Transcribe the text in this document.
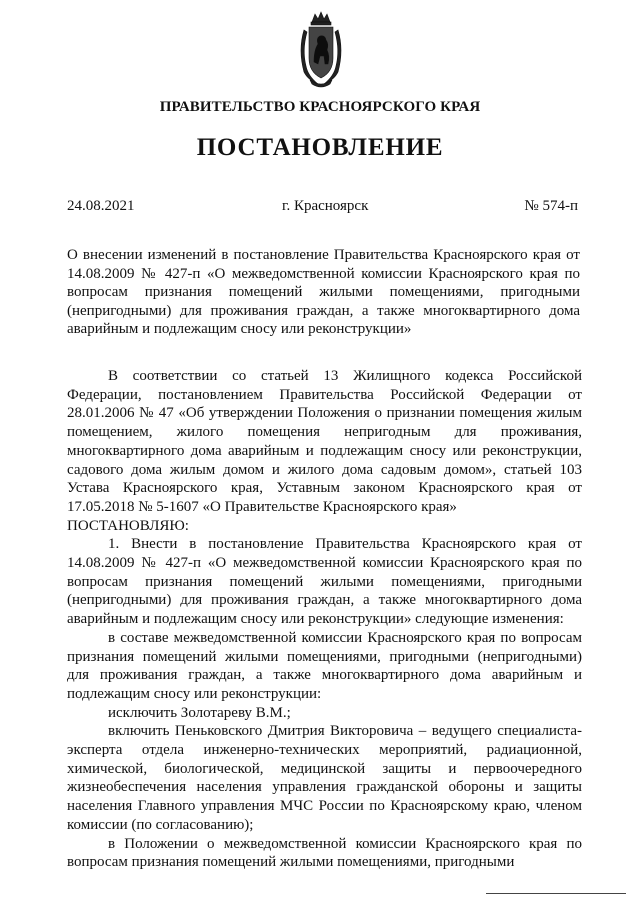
ПРАВИТЕЛЬСТВО КРАСНОЯРСКОГО КРАЯ
ПОСТАНОВЛЕНИЕ
24.08.2021	г. Красноярск	№ 574-п
О внесении изменений в постановление Правительства Красноярского края от 14.08.2009 № 427-п «О межведомственной комиссии Красноярского края по вопросам признания помещений жилыми помещениями, пригодными (непригодными) для проживания граждан, а также многоквартирного дома аварийным и подлежащим сносу или реконструкции»

В соответствии со статьей 13 Жилищного кодекса Российской Федерации, постановлением Правительства Российской Федерации от 28.01.2006 № 47 «Об утверждении Положения о признании помещения жилым помещением, жилого помещения непригодным для проживания, многоквартирного дома аварийным и подлежащим сносу или реконструкции, садового дома жилым домом и жилого дома садовым домом», статьей 103 Устава Красноярского края, Уставным законом Красноярского края от 17.05.2018 № 5-1607 «О Правительстве Красноярского края»

ПОСТАНОВЛЯЮ:

1. Внести в постановление Правительства Красноярского края от 14.08.2009 № 427-п «О межведомственной комиссии Красноярского края по вопросам признания помещений жилыми помещениями, пригодными (непригодными) для проживания граждан, а также многоквартирного дома аварийным и подлежащим сносу или реконструкции» следующие изменения:

в составе межведомственной комиссии Красноярского края по вопросам признания помещений жилыми помещениями, пригодными (непригодными) для проживания граждан, а также многоквартирного дома аварийным и подлежащим сносу или реконструкции:

исключить Золотареву В.М.;

включить Пеньковского Дмитрия Викторовича – ведущего специалиста-эксперта отдела инженерно-технических мероприятий, радиационной, химической, биологической, медицинской защиты и первоочередного жизнеобеспечения населения управления гражданской обороны и защиты населения Главного управления МЧС России по Красноярскому краю, членом комиссии (по согласованию);

в Положении о межведомственной комиссии Красноярского края по вопросам признания помещений жилыми помещениями, пригодными
